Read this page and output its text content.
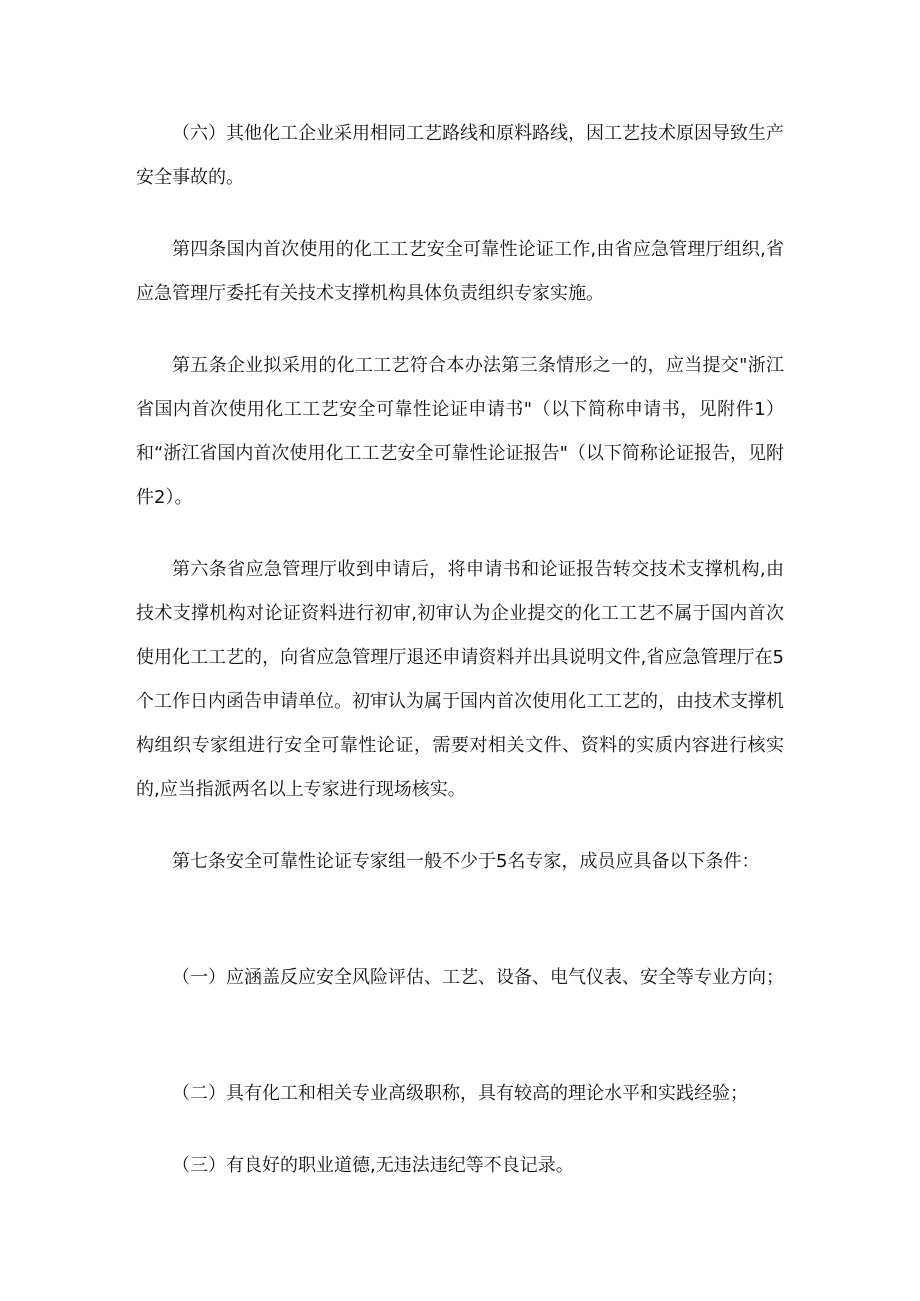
（六）其他化工企业采用相同工艺路线和原料路线，因工艺技术原因导致生产安全事故的。

第四条国内首次使用的化工工艺安全可靠性论证工作,由省应急管理厅组织,省应急管理厅委托有关技术支撑机构具体负责组织专家实施。

第五条企业拟采用的化工工艺符合本办法第三条情形之一的，应当提交"浙江省国内首次使用化工工艺安全可靠性论证申请书"（以下简称申请书，见附件1）和“浙江省国内首次使用化工工艺安全可靠性论证报告"（以下简称论证报告，见附件2）。

第六条省应急管理厅收到申请后，将申请书和论证报告转交技术支撑机构,由技术支撑机构对论证资料进行初审,初审认为企业提交的化工工艺不属于国内首次使用化工工艺的，向省应急管理厅退还申请资料并出具说明文件,省应急管理厅在5个工作日内函告申请单位。初审认为属于国内首次使用化工工艺的，由技术支撑机构组织专家组进行安全可靠性论证，需要对相关文件、资料的实质内容进行核实的,应当指派两名以上专家进行现场核实。

第七条安全可靠性论证专家组一般不少于5名专家，成员应具备以下条件：

（一）应涵盖反应安全风险评估、工艺、设备、电气仪表、安全等专业方向；

（二）具有化工和相关专业高级职称，具有较高的理论水平和实践经验；

（三）有良好的职业道德,无违法违纪等不良记录。
